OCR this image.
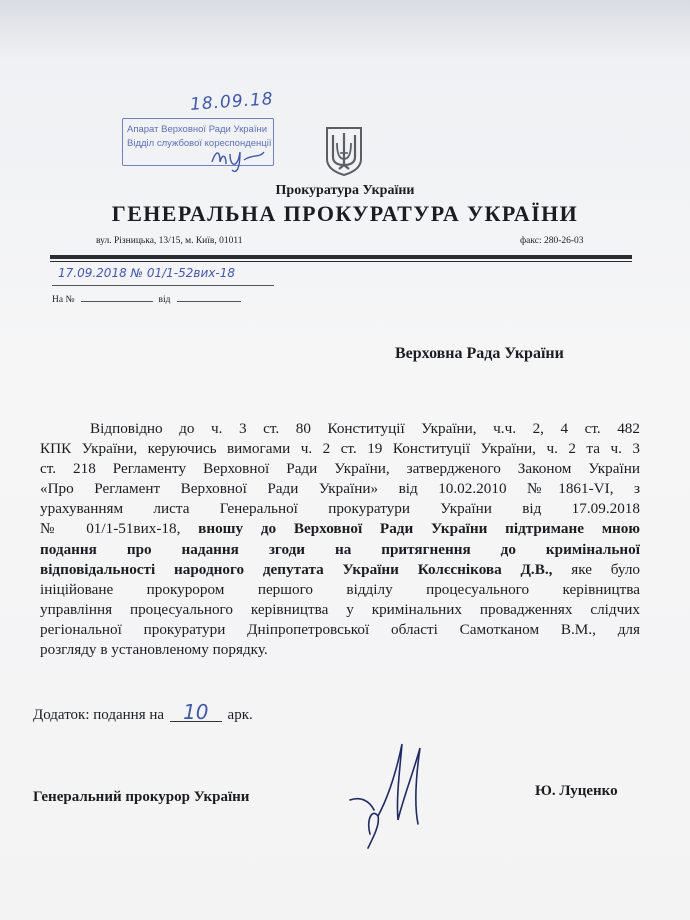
18.09.18
Апарат Верховної Ради України
Відділ службової кореспонденції
Прокуратура України
ГЕНЕРАЛЬНА ПРОКУРАТУРА УКРАЇНИ
вул. Різницька, 13/15, м. Київ, 01011	факс: 280-26-03
17.09.2018 № 01/1-52вих-18
На №	від
Верховна Рада України
Відповідно до ч. 3 ст. 80 Конституції України, ч.ч. 2, 4 ст. 482
КПК України, керуючись вимогами ч. 2 ст. 19 Конституції України, ч. 2 та ч. 3
ст. 218 Регламенту Верховної Ради України, затвердженого Законом України
«Про Регламент Верховної Ради України» від 10.02.2010 №1861-VI, з
урахуванням листа Генеральної прокуратури України від 17.09.2018
№ 01/1-51вих-18, вношу до Верховної Ради України підтримане мною
подання про надання згоди на притягнення до кримінальної
відповідальності народного депутата України Колєснікова Д.В., яке було
ініційоване прокурором першого відділу процесуального керівництва
управління процесуального керівництва у кримінальних провадженнях слідчих
регіональної прокуратури Дніпропетровської області Самотканом В.М., для
розгляду в установленому порядку.
Додаток: подання на 10 арк.
Генеральний прокурор України	Ю. Луценко
